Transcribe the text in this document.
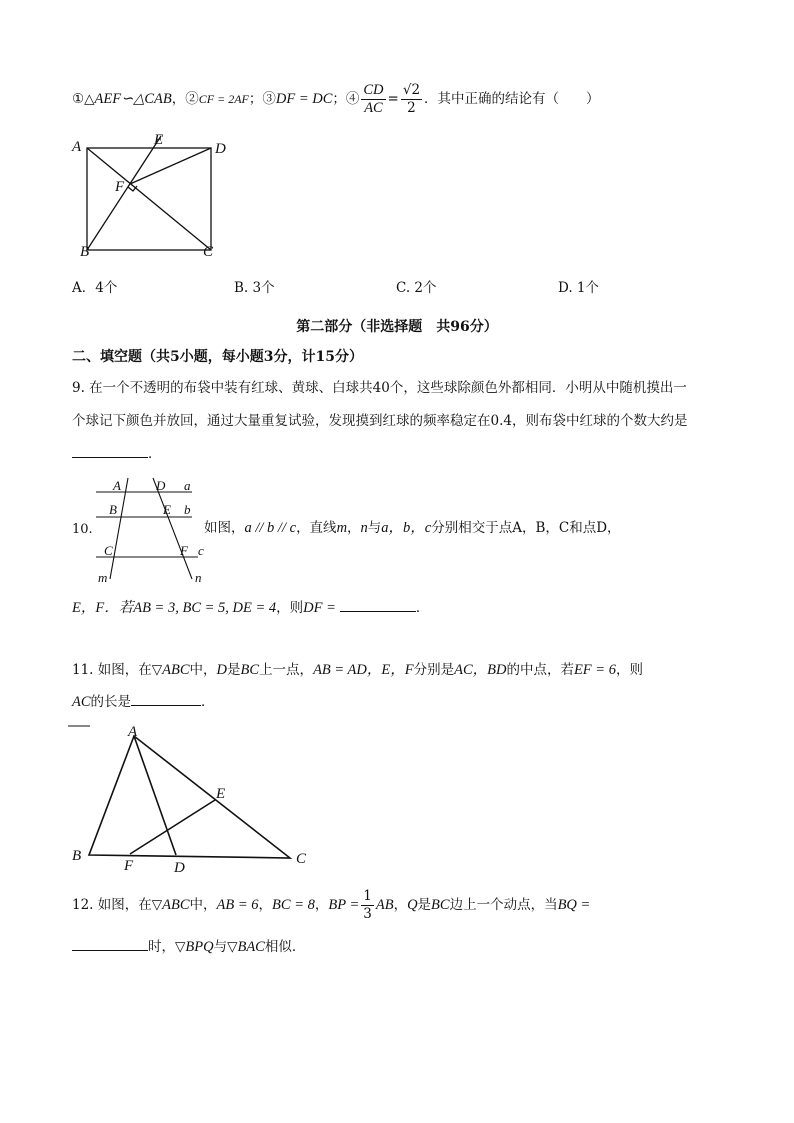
①△AEF∽△CAB，②CF = 2AF；③DF = DC；④ $\frac{CD}{AC} = \frac{√2}{2}$ ．其中正确的结论有（　　）
A	E
D
F
B	C
A．4个	B. 3个	C. 2个	D. 1个
第二部分（非选择题　共96分）
二、填空题（共5小题，每小题3分，计15分）
9. 在一个不透明的布袋中装有红球、黄球、白球共40个，这些球除颜色外都相同．小明从中随机摸出一
个球记下颜色并放回，通过大量重复试验，发现摸到红球的频率稳定在0.4，则布袋中红球的个数大约是
．
A	D a
B	E b
C	F c
m	n
10.	如图，a // b // c，直线m，n与a，b，c分别相交于点A，B，C和点D，
E，F．若AB = 3, BC = 5, DE = 4，则DF =	．
11. 如图，在▽ABC中，D是BC上一点，AB = AD，E，F分别是AC，BD的中点，若EF = 6，则
AC的长是	．
A
E
B
F	D
C
12. 如图，在▽ABC中，AB = 6，BC = 8，BP = $\frac{1}{3}$ AB，Q是BC边上一个动点，当BQ =
时，▽BPQ与▽BAC相似．
